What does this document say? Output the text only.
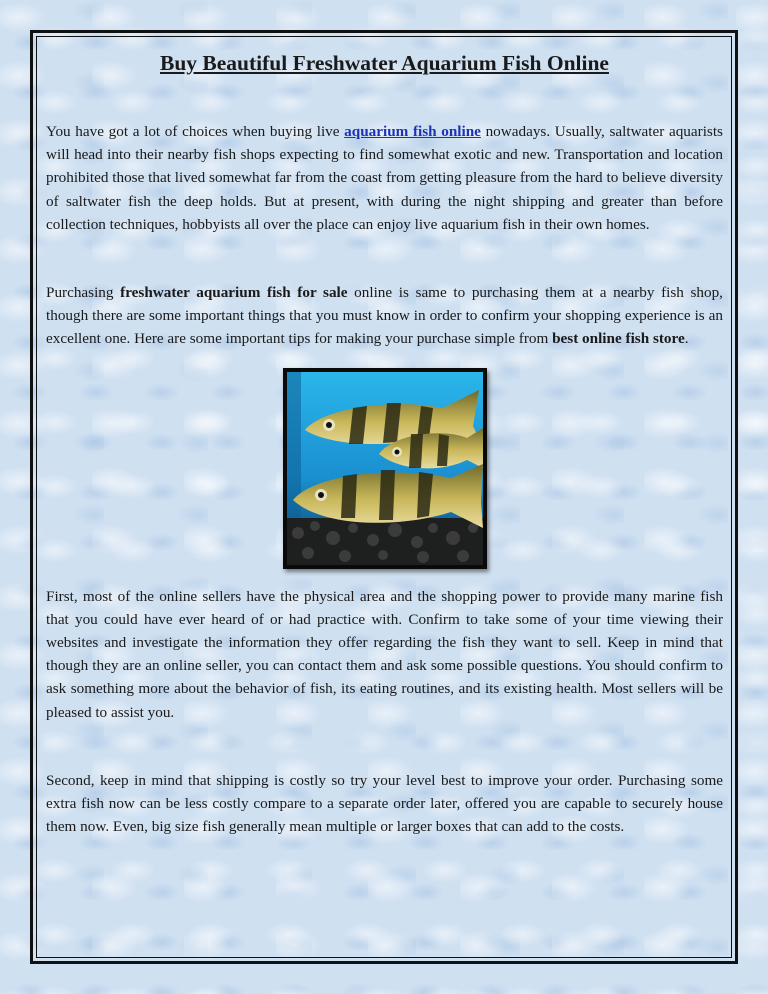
Buy Beautiful Freshwater Aquarium Fish Online

You have got a lot of choices when buying live aquarium fish online nowadays. Usually, saltwater aquarists will head into their nearby fish shops expecting to find somewhat exotic and new. Transportation and location prohibited those that lived somewhat far from the coast from getting pleasure from the hard to believe diversity of saltwater fish the deep holds. But at present, with during the night shipping and greater than before collection techniques, hobbyists all over the place can enjoy live aquarium fish in their own homes.

Purchasing freshwater aquarium fish for sale online is same to purchasing them at a nearby fish shop, though there are some important things that you must know in order to confirm your shopping experience is an excellent one. Here are some important tips for making your purchase simple from best online fish store.

First, most of the online sellers have the physical area and the shopping power to provide many marine fish that you could have ever heard of or had practice with. Confirm to take some of your time viewing their websites and investigate the information they offer regarding the fish they want to sell. Keep in mind that though they are an online seller, you can contact them and ask some possible questions. You should confirm to ask something more about the behavior of fish, its eating routines, and its existing health. Most sellers will be pleased to assist you.

Second, keep in mind that shipping is costly so try your level best to improve your order. Purchasing some extra fish now can be less costly compare to a separate order later, offered you are capable to securely house them now. Even, big size fish generally mean multiple or larger boxes that can add to the costs.
